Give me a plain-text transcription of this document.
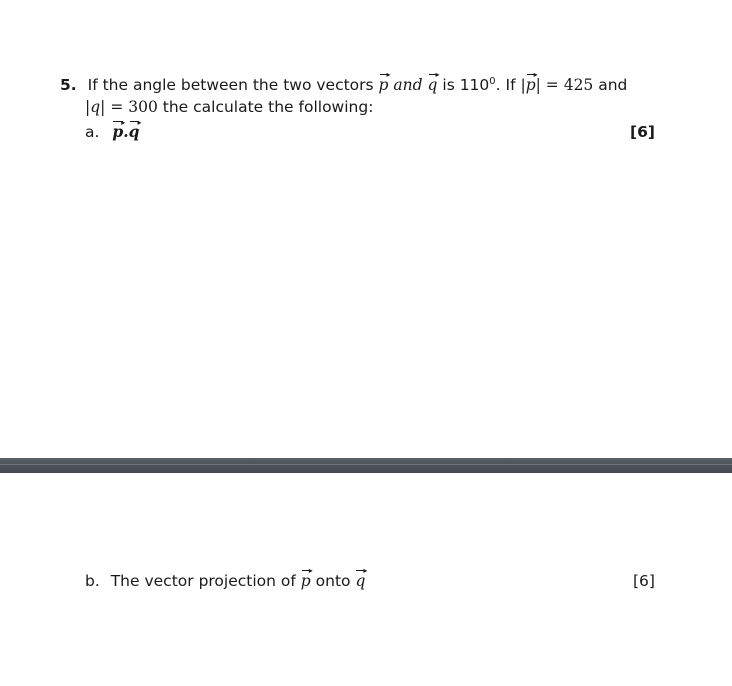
5. If the angle between the two vectors p
▸
and q
▸
is $110^0$. If |p
▸
| = 425 and
|q| = 300 the calculate the following:
a. p
▸
.q
▸
[6]
b. The vector projection of p
▸
onto q
▸
[6]
